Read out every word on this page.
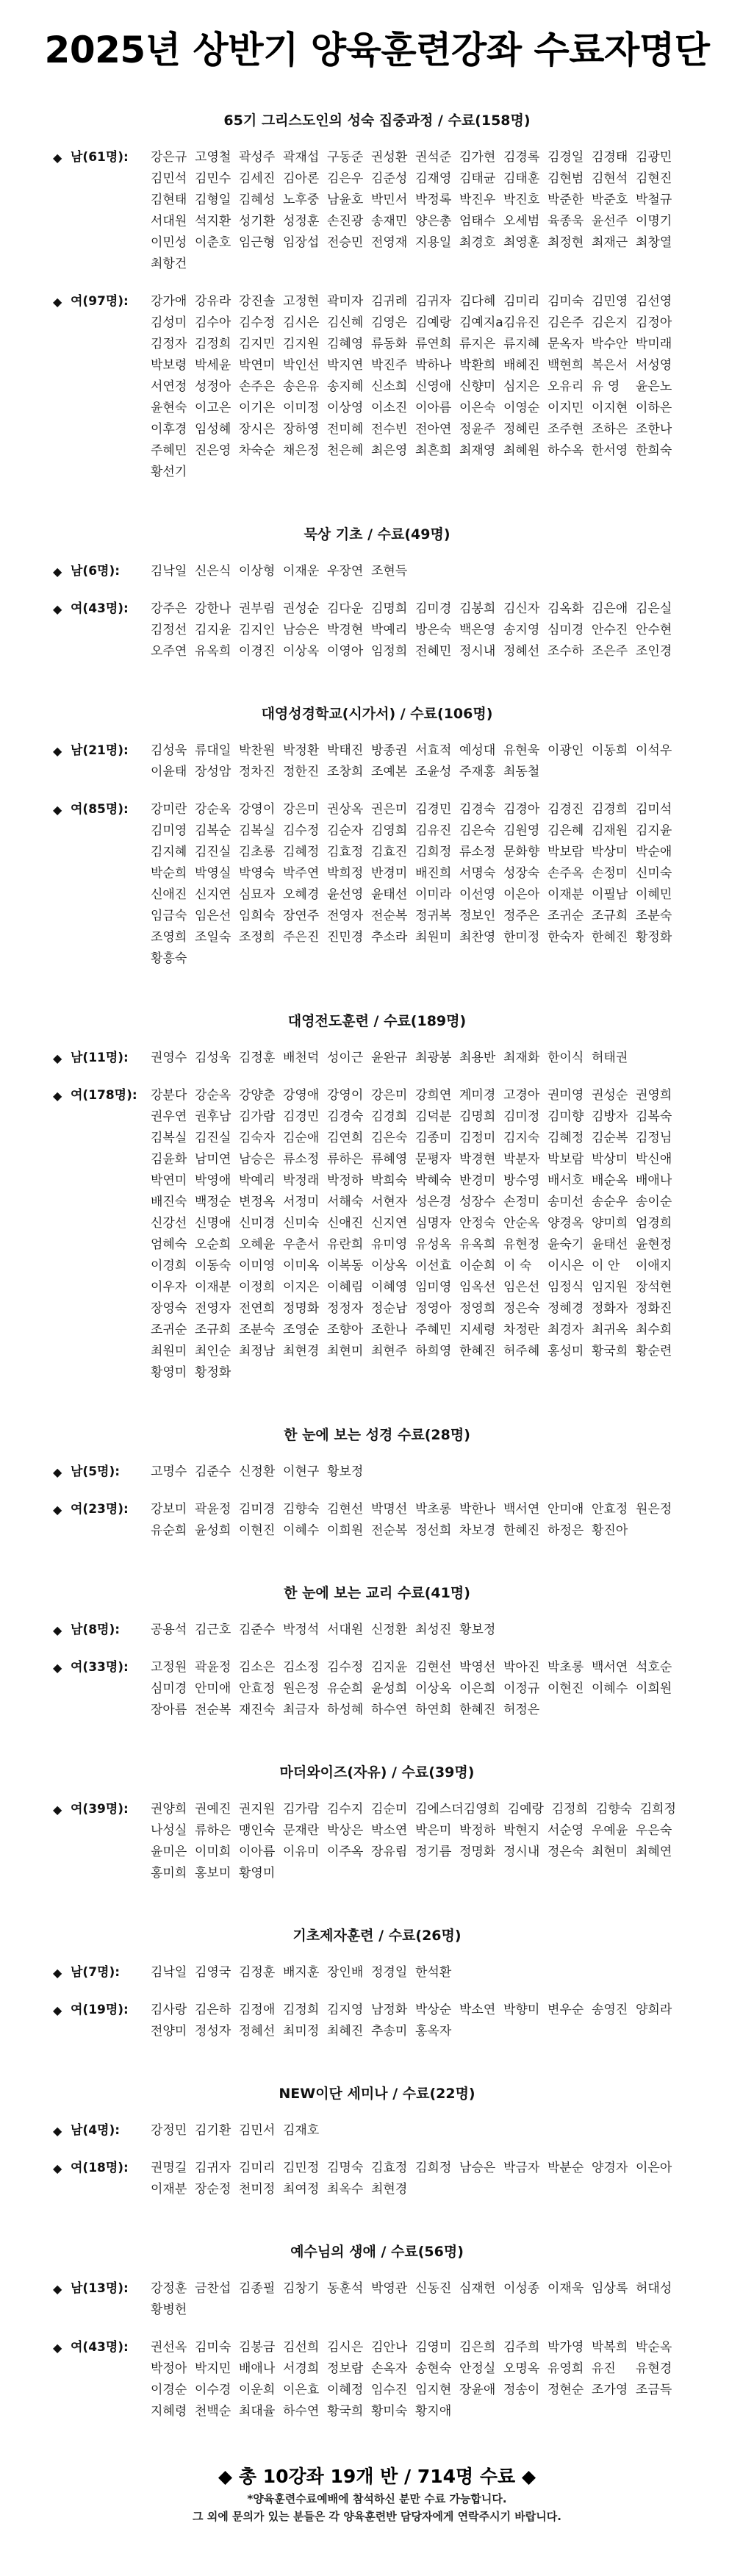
2025년 상반기 양육훈련강좌 수료자명단
65기 그리스도인의 성숙 집중과정 / 수료(158명)
◆ 남(61명):	강은규 고영철 곽성주 곽재섭 구동준 권성환 권석준 김가현 김경록 김경일 김경태 김광민김민석 김민수 김세진 김아론 김은우 김준성 김재영 김태균 김태훈 김현범 김현석 김현진김현태 김형일 김혜성 노후중 남윤호 박민서 박정록 박진우 박진호 박준한 박준호 박철규서대원 석지환 성기환 성정훈 손진광 송재민 양은총 엄태수 오세범 육종욱 윤선주 이명기이민성 이춘호 임근형 임장섭 전승민 전영재 지용일 최경호 최영훈 최정현 최재근 최창열최항건
◆ 여(97명):	강가애 강유라 강진솔 고정현 곽미자 김귀례 김귀자 김다혜 김미리 김미숙 김민영 김선영김성미 김수아 김수정 김시은 김신혜 김영은 김예랑 김예지a김유진 김은주 김은지 김정아김정자 김정희 김지민 김지원 김혜영 류동화 류연희 류지은 류지혜 문옥자 박수안 박미래박보령 박세윤 박연미 박인선 박지연 박진주 박하나 박환희 배혜진 백현희 복은서 서성영서연정 성정아 손주은 송은유 송지혜 신소희 신영애 신향미 심지은 오유리 유 영 윤은노윤현숙 이고은 이기은 이미정 이상영 이소진 이아름 이은숙 이영순 이지민 이지현 이하은이후경 임성혜 장시은 장하영 전미혜 전수빈 전아연 정윤주 정혜린 조주현 조하은 조한나주혜민 진은영 차숙순 채은정 천은혜 최은영 최흔희 최재영 최혜원 하수옥 한서영 한희숙황선기
묵상 기초 / 수료(49명)
◆ 남(6명):	김낙일 신은식 이상형 이재운 우장연 조현득
◆ 여(43명):	강주은 강한나 권부림 권성순 김다운 김명희 김미경 김봉희 김신자 김옥화 김은애 김은실김정선 김지윤 김지인 남승은 박경현 박예리 방은숙 백은영 송지영 심미경 안수진 안수현오주연 유옥희 이경진 이상옥 이영아 임정희 전혜민 정시내 정혜선 조수하 조은주 조인경
대영성경학교(시가서) / 수료(106명)
◆ 남(21명):	김성욱 류대일 박찬원 박정환 박태진 방종권 서효적 예성대 유현욱 이광인 이동희 이석우이윤태 장성암 정차진 정한진 조창희 조예본 조윤성 주재홍 최동철
◆ 여(85명):	강미란 강순옥 강영이 강은미 권상옥 권은미 김경민 김경숙 김경아 김경진 김경희 김미석김미영 김복순 김복실 김수정 김순자 김영희 김유진 김은숙 김원영 김은혜 김재원 김지윤김지혜 김진실 김초롱 김혜정 김효정 김효진 김희정 류소정 문화향 박보람 박상미 박순애박순희 박영실 박영숙 박주연 박희정 반경미 배진희 서명숙 성장숙 손주옥 손정미 신미숙신애진 신지연 심묘자 오혜경 윤선영 윤태선 이미라 이선영 이은아 이재분 이필남 이혜민임금숙 임은선 임희숙 장연주 전영자 전순복 정귀복 정보인 정주은 조귀순 조규희 조분숙조영희 조일숙 조정희 주은진 진민경 추소라 최원미 최찬영 한미정 한숙자 한혜진 황정화황흥숙
대영전도훈련 / 수료(189명)
◆ 남(11명):	권영수 김성욱 김정훈 배천덕 성이근 윤완규 최광봉 최용반 최재화 한이식 허태권
◆ 여(178명):	강분다 강순옥 강양춘 강영애 강영이 강은미 강희연 계미경 고경아 권미영 권성순 권영희권우연 권후남 김가람 김경민 김경숙 김경희 김덕분 김명희 김미정 김미향 김방자 김복숙김복실 김진실 김숙자 김순애 김연희 김은숙 김종미 김정미 김지숙 김혜정 김순복 김정님김윤화 남미연 남승은 류소정 류하은 류혜영 문평자 박경현 박분자 박보람 박상미 박신애박연미 박영애 박예리 박정래 박정하 박희숙 박혜숙 반경미 방수영 배서호 배순옥 배애나배진숙 백정순 변정옥 서정미 서해숙 서현자 성은경 성장수 손정미 송미선 송순우 송이순신강선 신명애 신미경 신미숙 신애진 신지연 심명자 안정숙 안순옥 양경옥 양미희 엄경희엄혜숙 오순희 오혜윤 우춘서 유란희 유미영 유성옥 유옥희 유현정 윤숙기 윤태선 윤현정이경희 이동숙 이미영 이미옥 이복동 이상옥 이선효 이순희 이 숙 이시은 이 안 이애지이우자 이재분 이정희 이지은 이혜림 이혜영 임미영 임옥선 임은선 임정식 임지원 장석현장영숙 전영자 전연희 정명화 정정자 정순남 정영아 정영희 정은숙 정혜경 정화자 정화진조귀순 조규희 조분숙 조영순 조향아 조한나 주혜민 지세령 차정란 최경자 최귀옥 최수희최원미 최인순 최정남 최현경 최현미 최현주 하희영 한혜진 허주혜 홍성미 황국희 황순련황영미 황정화
한 눈에 보는 성경 수료(28명)
◆ 남(5명):	고명수 김준수 신정환 이현구 황보정
◆ 여(23명):	강보미 곽윤정 김미경 김향숙 김현선 박명선 박초롱 박한나 백서연 안미애 안효정 원은정유순희 윤성희 이현진 이혜수 이희원 전순복 정선희 차보경 한혜진 하정은 황진아
한 눈에 보는 교리 수료(41명)
◆ 남(8명):	공용석 김근호 김준수 박정석 서대원 신정환 최성진 황보정
◆ 여(33명):	고정원 곽윤정 김소은 김소정 김수정 김지윤 김현선 박영선 박아진 박초롱 백서연 석호순심미경 안미애 안효정 원은정 유순희 윤성희 이상옥 이은희 이정규 이현진 이혜수 이희원장아름 전순복 재진숙 최금자 하성혜 하수연 하연희 한혜진 허정은
마더와이즈(자유) / 수료(39명)
◆ 여(39명):	권양희 권예진 권지원 김가람 김수지 김순미 김에스더김영희 김예랑 김정희 김향숙 김희정나성실 류하은 맹인숙 문재란 박상은 박소연 박은미 박정하 박현지 서순영 우예윤 우은숙윤미은 이미희 이아름 이유미 이주옥 장유림 정기름 정명화 정시내 정은숙 최현미 최혜연홍미희 홍보미 황영미
기초제자훈련 / 수료(26명)
◆ 남(7명):	김낙일 김영국 김정훈 배지훈 장인배 정경일 한석환
◆ 여(19명):	김사랑 김은하 김정애 김정희 김지영 남정화 박상순 박소연 박향미 변우순 송영진 양희라전양미 정성자 정혜선 최미정 최혜진 추송미 홍옥자
NEW이단 세미나 / 수료(22명)
◆ 남(4명):	강정민 김기환 김민서 김재호
◆ 여(18명):	권명길 김귀자 김미리 김민정 김명숙 김효정 김희정 남승은 박금자 박분순 양경자 이은아이재분 장순정 천미정 최여정 최옥수 최현경
예수님의 생애 / 수료(56명)
◆ 남(13명):	강정훈 금찬섭 김종필 김창기 동훈석 박영관 신동진 심재헌 이성종 이재욱 임상록 허대성황병헌
◆ 여(43명):	권선옥 김미숙 김봉금 김선희 김시은 김안나 김영미 김은희 김주희 박가영 박복희 박순옥박정아 박지민 배애나 서경희 정보람 손옥자 송현숙 안정실 오명옥 유영희 유진 유현경이경순 이수경 이운희 이은효 이혜정 임수진 임지현 장윤애 정송이 정현순 조가영 조금득지혜령 천백순 최대율 하수연 황국희 황미숙 황지애
◆ 총 10강좌 19개 반 / 714명 수료 ◆
*양육훈련수료예배에 참석하신 분만 수료 가능합니다.
그 외에 문의가 있는 분들은 각 양육훈련반 담당자에게 연락주시기 바랍니다.
